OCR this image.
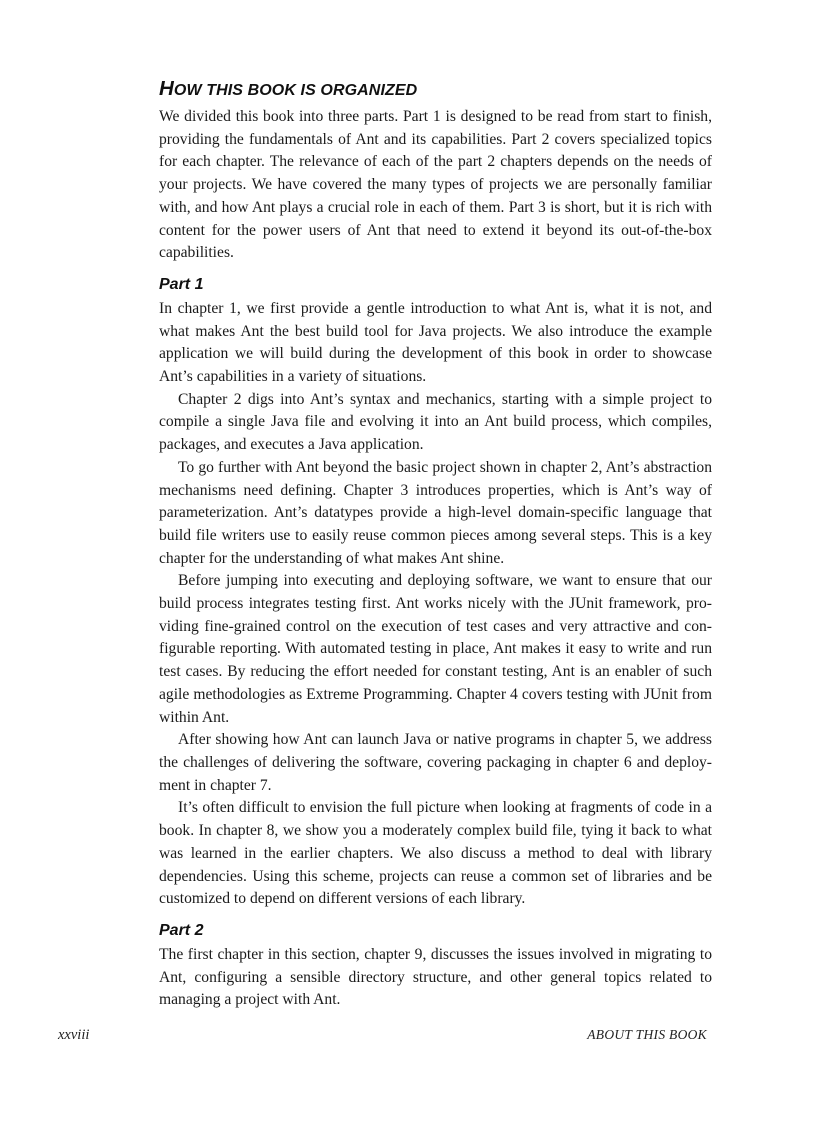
HOW THIS BOOK IS ORGANIZED

We divided this book into three parts. Part 1 is designed to be read from start to finish, providing the fundamentals of Ant and its capabilities. Part 2 covers specialized topics for each chapter. The relevance of each of the part 2 chapters depends on the needs of your projects. We have covered the many types of projects we are personally familiar with, and how Ant plays a crucial role in each of them. Part 3 is short, but it is rich with content for the power users of Ant that need to extend it beyond its out-of-the-box capabilities.

Part 1

In chapter 1, we first provide a gentle introduction to what Ant is, what it is not, and what makes Ant the best build tool for Java projects. We also introduce the example application we will build during the development of this book in order to showcase Ant’s capabilities in a variety of situations.

Chapter 2 digs into Ant’s syntax and mechanics, starting with a simple project to compile a single Java file and evolving it into an Ant build process, which compiles, packages, and executes a Java application.

To go further with Ant beyond the basic project shown in chapter 2, Ant’s abstraction mechanisms need defining. Chapter 3 introduces properties, which is Ant’s way of parameterization. Ant’s datatypes provide a high-level domain-specific language that build file writers use to easily reuse common pieces among several steps. This is a key chapter for the understanding of what makes Ant shine.

Before jumping into executing and deploying software, we want to ensure that our build process integrates testing first. Ant works nicely with the JUnit framework, providing fine-grained control on the execution of test cases and very attractive and configurable reporting. With automated testing in place, Ant makes it easy to write and run test cases. By reducing the effort needed for constant testing, Ant is an enabler of such agile methodologies as Extreme Programming. Chapter 4 covers testing with JUnit from within Ant.

After showing how Ant can launch Java or native programs in chapter 5, we address the challenges of delivering the software, covering packaging in chapter 6 and deployment in chapter 7.

It’s often difficult to envision the full picture when looking at fragments of code in a book. In chapter 8, we show you a moderately complex build file, tying it back to what was learned in the earlier chapters. We also discuss a method to deal with library dependencies. Using this scheme, projects can reuse a common set of libraries and be customized to depend on different versions of each library.

Part 2

The first chapter in this section, chapter 9, discusses the issues involved in migrating to Ant, configuring a sensible directory structure, and other general topics related to managing a project with Ant.

xxviii	ABOUT THIS BOOK
